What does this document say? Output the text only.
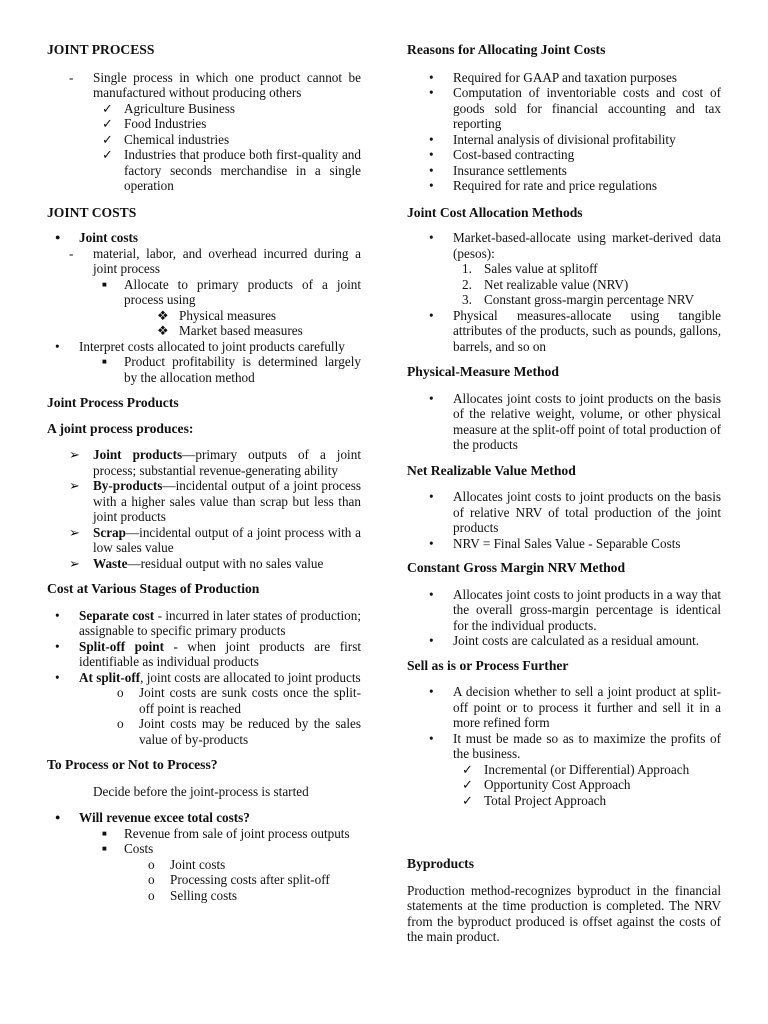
JOINT PROCESS

- Single process in which one product cannot be manufactured without producing others
✓ Agriculture Business
✓ Food Industries
✓ Chemical industries
✓ Industries that produce both first-quality and factory seconds merchandise in a single operation

JOINT COSTS

● Joint costs
- material, labor, and overhead incurred during a joint process
■ Allocate to primary products of a joint process using
❖ Physical measures
❖ Market based measures
• Interpret costs allocated to joint products carefully
■ Product profitability is determined largely by the allocation method

Joint Process Products

A joint process produces:

➢ Joint products—primary outputs of a joint process; substantial revenue-generating ability
➢ By-products—incidental output of a joint process with a higher sales value than scrap but less than joint products
➢ Scrap—incidental output of a joint process with a low sales value
➢ Waste—residual output with no sales value

Cost at Various Stages of Production

• Separate cost - incurred in later states of production; assignable to specific primary products
• Split-off point - when joint products are first identifiable as individual products
• At split-off, joint costs are allocated to joint products
o Joint costs are sunk costs once the split-off point is reached
o Joint costs may be reduced by the sales value of by-products

To Process or Not to Process?

Decide before the joint-process is started
● Will revenue excee total costs?
■ Revenue from sale of joint process outputs
■ Costs
o Joint costs
o Processing costs after split-off
o Selling costs

Reasons for Allocating Joint Costs

• Required for GAAP and taxation purposes
• Computation of inventoriable costs and cost of goods sold for financial accounting and tax reporting
• Internal analysis of divisional profitability
• Cost-based contracting
• Insurance settlements
• Required for rate and price regulations

Joint Cost Allocation Methods

• Market-based-allocate using market-derived data (pesos):
1. Sales value at splitoff
2. Net realizable value (NRV)
3. Constant gross-margin percentage NRV
• Physical measures-allocate using tangible attributes of the products, such as pounds, gallons, barrels, and so on

Physical-Measure Method

• Allocates joint costs to joint products on the basis of the relative weight, volume, or other physical measure at the split-off point of total production of the products

Net Realizable Value Method

• Allocates joint costs to joint products on the basis of relative NRV of total production of the joint products
• NRV = Final Sales Value - Separable Costs

Constant Gross Margin NRV Method

• Allocates joint costs to joint products in a way that the overall gross-margin percentage is identical for the individual products.
• Joint costs are calculated as a residual amount.

Sell as is or Process Further

• A decision whether to sell a joint product at split-off point or to process it further and sell it in a more refined form
• It must be made so as to maximize the profits of the business.
✓ Incremental (or Differential) Approach
✓ Opportunity Cost Approach
✓ Total Project Approach

Byproducts

Production method-recognizes byproduct in the financial statements at the time production is completed. The NRV from the byproduct produced is offset against the costs of the main product.
